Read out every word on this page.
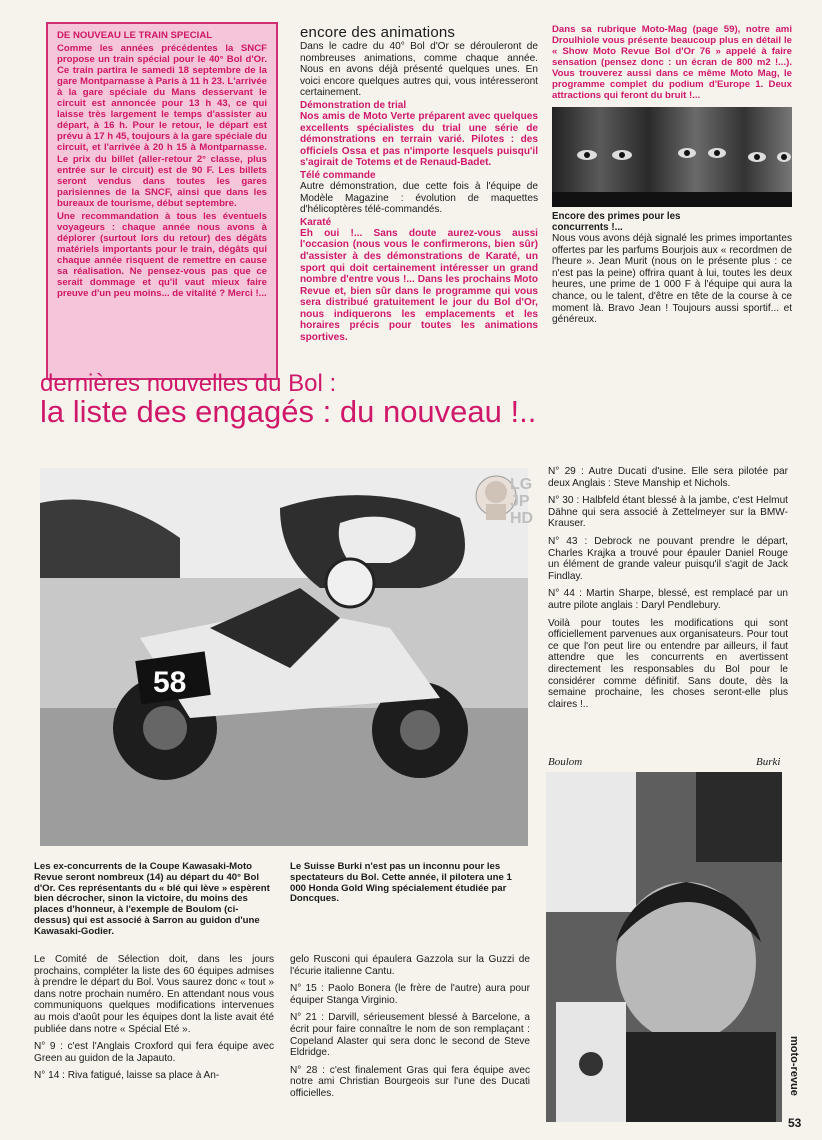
DE NOUVEAU LE TRAIN SPECIAL

Comme les années précédentes la SNCF propose un train spécial pour le 40° Bol d'Or. Ce train partira le samedi 18 septembre de la gare Montparnasse à Paris à 11 h 23. L'arrivée à la gare spéciale du Mans desservant le circuit est annoncée pour 13 h 43, ce qui laisse très largement le temps d'assister au départ, à 16 h. Pour le retour, le départ est prévu à 17 h 45, toujours à la gare spéciale du circuit, et l'arrivée à 20 h 15 à Montparnasse. Le prix du billet (aller-retour 2° classe, plus entrée sur le circuit) est de 90 F. Les billets seront vendus dans toutes les gares parisiennes de la SNCF, ainsi que dans les bureaux de tourisme, début septembre.

Une recommandation à tous les éventuels voyageurs : chaque année nous avons à déplorer (surtout lors du retour) des dégâts matériels importants pour le train, dégâts qui chaque année risquent de remettre en cause sa réalisation. Ne pensez-vous pas que ce serait dommage et qu'il vaut mieux faire preuve d'un peu moins... de vitalité ? Merci !...

encore des animations
Dans le cadre du 40° Bol d'Or se dérouleront de nombreuses animations, comme chaque année. Nous en avons déjà présenté quelques unes. En voici encore quelques autres qui, vous intéresseront certainement.
Démonstration de trial
Nos amis de Moto Verte préparent avec quelques excellents spécialistes du trial une série de démonstrations en terrain varié. Pilotes : des officiels Ossa et pas n'importe lesquels puisqu'il s'agirait de Totems et de Renaud-Badet.
Télé commande
Autre démonstration, due cette fois à l'équipe de Modèle Magazine : évolution de maquettes d'hélicoptères télé-commandés.
Karaté
Eh oui !... Sans doute aurez-vous aussi l'occasion (nous vous le confirmerons, bien sûr) d'assister à des démonstrations de Karaté, un sport qui doit certainement intéresser un grand nombre d'entre vous !... Dans les prochains Moto Revue et, bien sûr dans le programme qui vous sera distribué gratuitement le jour du Bol d'Or, nous indiquerons les emplacements et les horaires précis pour toutes les animations sportives.
Dans sa rubrique Moto-Mag (page 59), notre ami Droulhiole vous présente beaucoup plus en détail le « Show Moto Revue Bol d'Or 76 » appelé à faire sensation (pensez donc : un écran de 800 m2 !...). Vous trouverez aussi dans ce même Moto Mag, le programme complet du podium d'Europe 1. Deux attractions qui feront du bruit !...
Encore des primes pour les concurrents !...
Nous vous avons déjà signalé les primes importantes offertes par les parfums Bourjois aux « recordmen de l'heure ». Jean Murit (nous on le présente plus : ce n'est pas la peine) offrira quant à lui, toutes les deux heures, une prime de 1 000 F à l'équipe qui aura la chance, ou le talent, d'être en tête de la course à ce moment là. Bravo Jean ! Toujours aussi sportif... et généreux.
dernières nouvelles du Bol :
la liste des engagés : du nouveau !..
58
LG JP HD

N° 29 : Autre Ducati d'usine. Elle sera pilotée par deux Anglais : Steve Manship et Nichols.

N° 30 : Halbfeld étant blessé à la jambe, c'est Helmut Dähne qui sera associé à Zettelmeyer sur la BMW-Krauser.

N° 43 : Debrock ne pouvant prendre le départ, Charles Krajka a trouvé pour épauler Daniel Rouge un élément de grande valeur puisqu'il s'agit de Jack Findlay.

N° 44 : Martin Sharpe, blessé, est remplacé par un autre pilote anglais : Daryl Pendlebury.

Voilà pour toutes les modifications qui sont officiellement parvenues aux organisateurs. Pour tout ce que l'on peut lire ou entendre par ailleurs, il faut attendre que les concurrents en avertissent directement les responsables du Bol pour le considérer comme définitif. Sans doute, dès la semaine prochaine, les choses seront-elle plus claires !..

Boulom	Burki
Les ex-concurrents de la Coupe Kawasaki-Moto Revue seront nombreux (14) au départ du 40° Bol d'Or. Ces représentants du « blé qui lève » espèrent bien décrocher, sinon la victoire, du moins des places d'honneur, à l'exemple de Boulom (ci-dessus) qui est associé à Sarron au guidon d'une Kawasaki-Godier.
Le Suisse Burki n'est pas un inconnu pour les spectateurs du Bol. Cette année, il pilotera une 1 000 Honda Gold Wing spécialement étudiée par Doncques.

Le Comité de Sélection doit, dans les jours prochains, compléter la liste des 60 équipes admises à prendre le départ du Bol. Vous saurez donc « tout » dans notre prochain numéro. En attendant nous vous communiquons quelques modifications intervenues au mois d'août pour les équipes dont la liste avait été publiée dans notre « Spécial Eté ».

N° 9 : c'est l'Anglais Croxford qui fera équipe avec Green au guidon de la Japauto.

N° 14 : Riva fatigué, laisse sa place à An-

gelo Rusconi qui épaulera Gazzola sur la Guzzi de l'écurie italienne Cantu.

N° 15 : Paolo Bonera (le frère de l'autre) aura pour équiper Stanga Virginio.

N° 21 : Darvill, sérieusement blessé à Barcelone, a écrit pour faire connaître le nom de son remplaçant : Copeland Alaster qui sera donc le second de Steve Eldridge.

N° 28 : c'est finalement Gras qui fera équipe avec notre ami Christian Bourgeois sur l'une des Ducati officielles.	moto-revue
53
